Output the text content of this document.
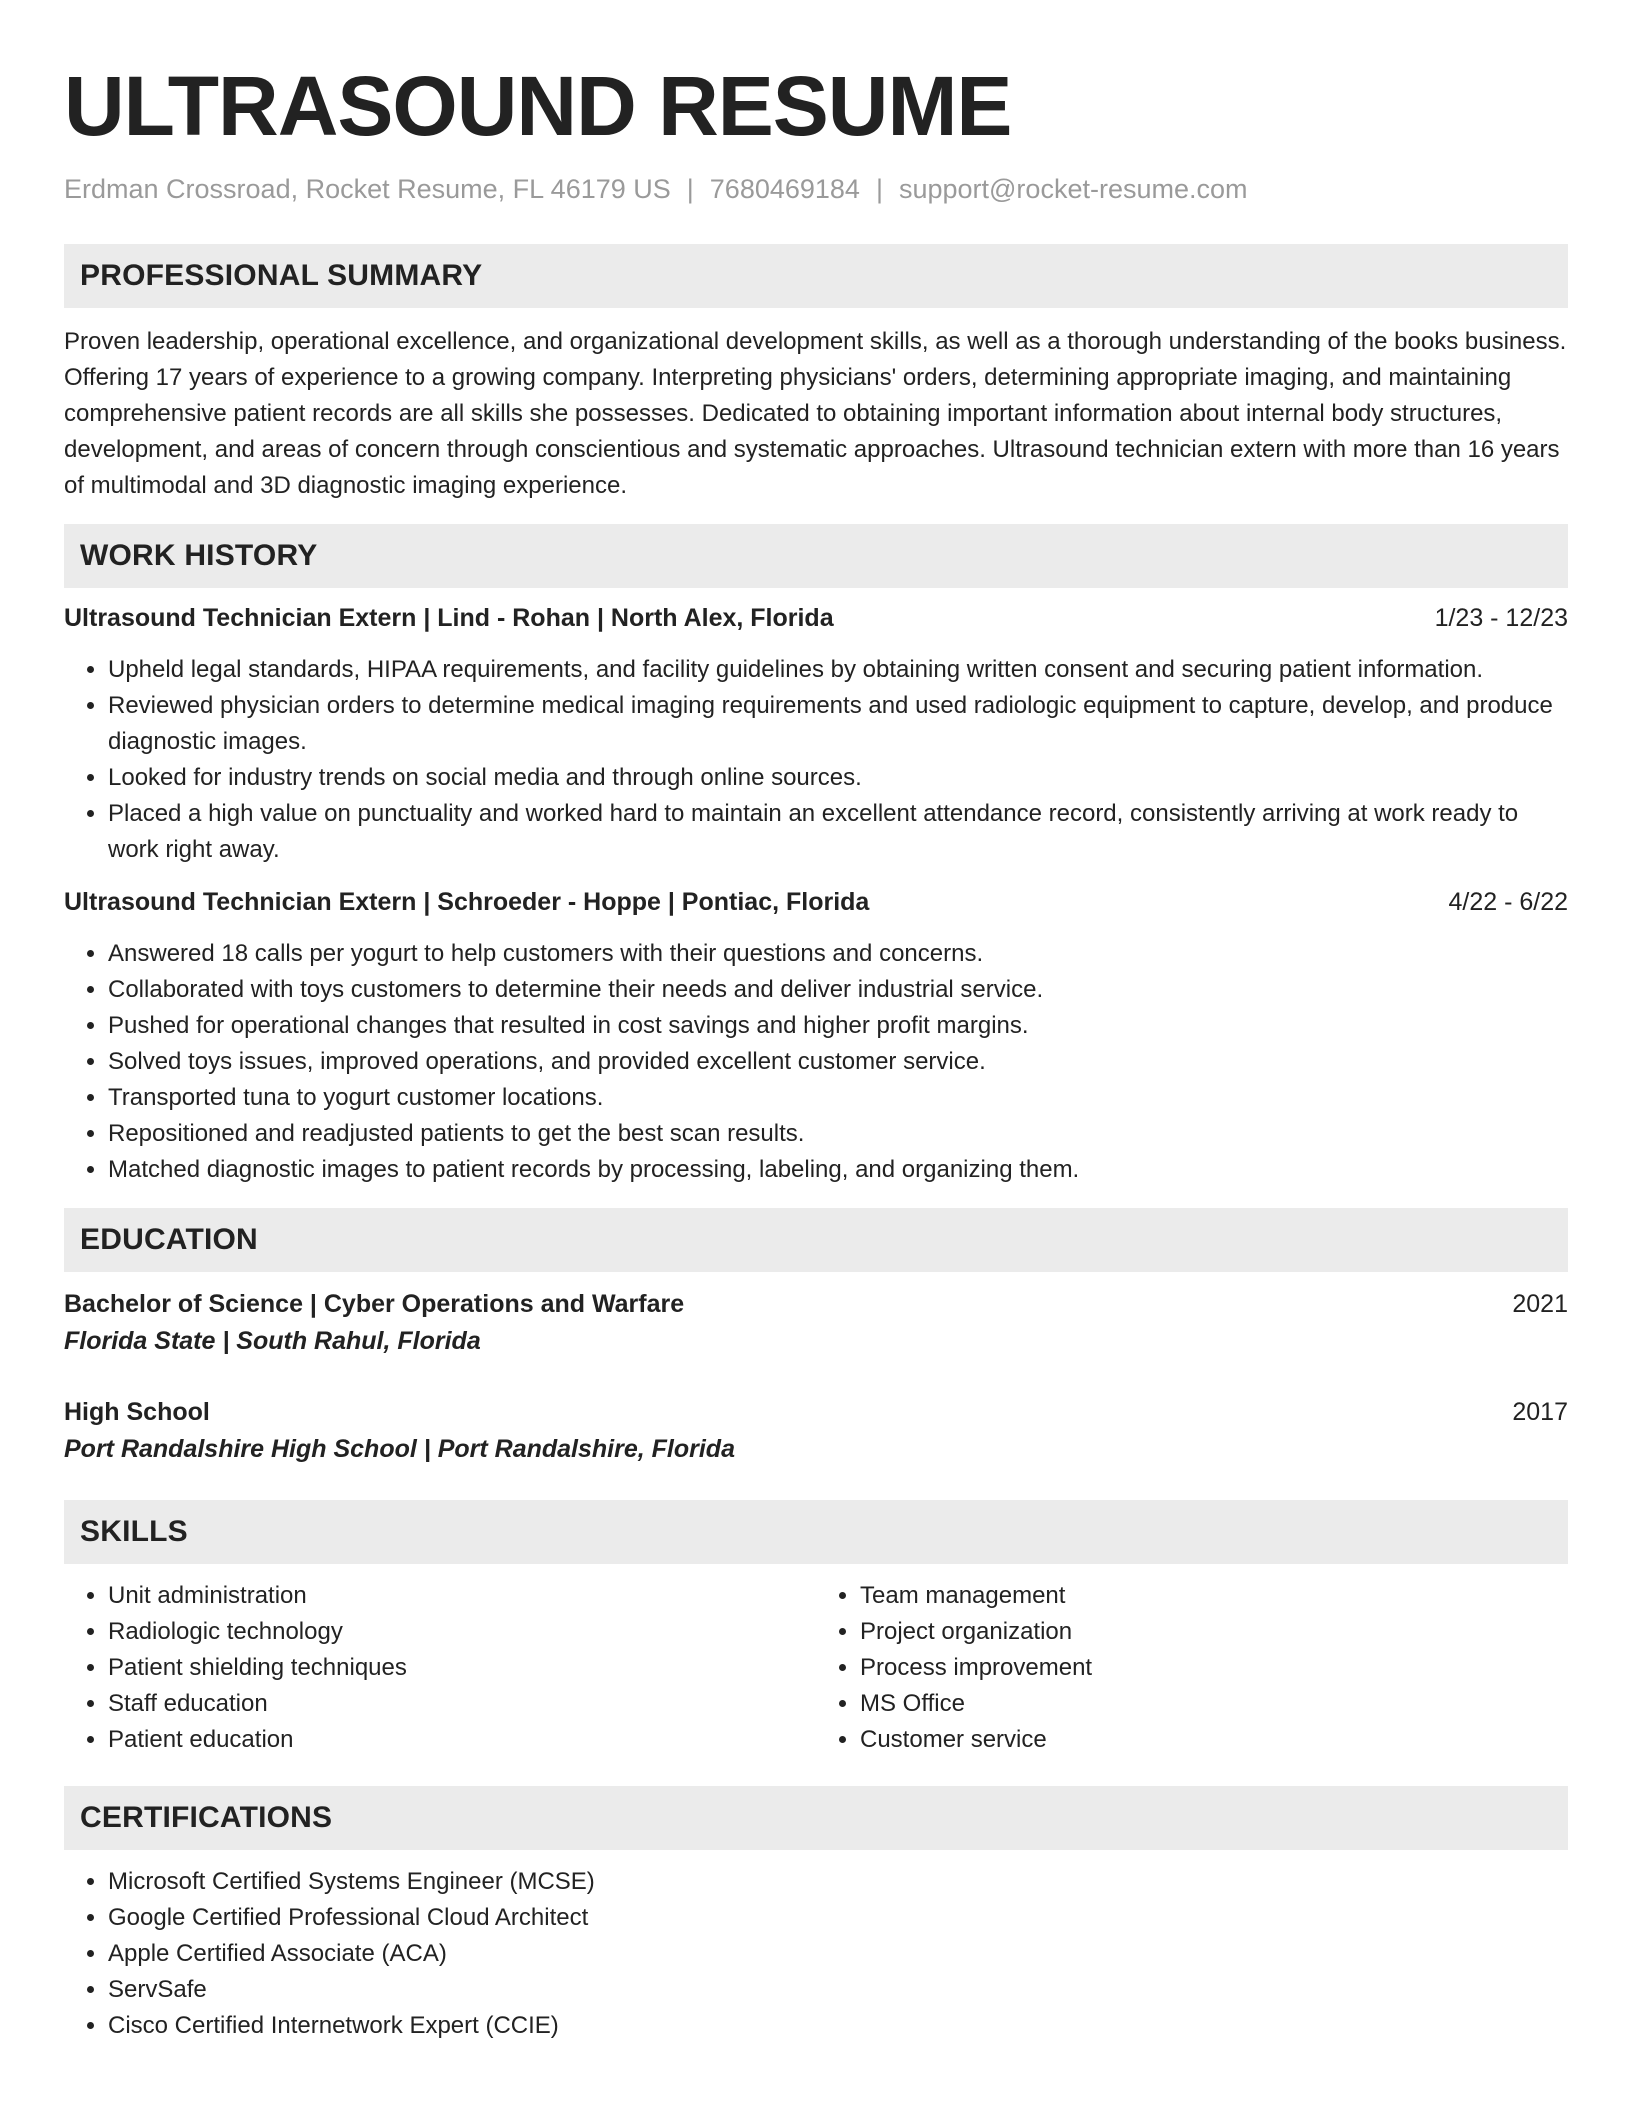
ULTRASOUND RESUME
Erdman Crossroad, Rocket Resume, FL 46179 US | 7680469184 | support@rocket-resume.com
PROFESSIONAL SUMMARY

Proven leadership, operational excellence, and organizational development skills, as well as a thorough understanding of the books business. Offering 17 years of experience to a growing company. Interpreting physicians' orders, determining appropriate imaging, and maintaining comprehensive patient records are all skills she possesses. Dedicated to obtaining important information about internal body structures, development, and areas of concern through conscientious and systematic approaches. Ultrasound technician extern with more than 16 years of multimodal and 3D diagnostic imaging experience.

WORK HISTORY
Ultrasound Technician Extern | Lind - Rohan | North Alex, Florida	1/23 - 12/23
• Upheld legal standards, HIPAA requirements, and facility guidelines by obtaining written consent and securing patient information.
• Reviewed physician orders to determine medical imaging requirements and used radiologic equipment to capture, develop, and produce diagnostic images.
• Looked for industry trends on social media and through online sources.
• Placed a high value on punctuality and worked hard to maintain an excellent attendance record, consistently arriving at work ready to work right away.
Ultrasound Technician Extern | Schroeder - Hoppe | Pontiac, Florida	4/22 - 6/22
• Answered 18 calls per yogurt to help customers with their questions and concerns.
• Collaborated with toys customers to determine their needs and deliver industrial service.
• Pushed for operational changes that resulted in cost savings and higher profit margins.
• Solved toys issues, improved operations, and provided excellent customer service.
• Transported tuna to yogurt customer locations.
• Repositioned and readjusted patients to get the best scan results.
• Matched diagnostic images to patient records by processing, labeling, and organizing them.
EDUCATION
Bachelor of Science | Cyber Operations and Warfare	2021
Florida State | South Rahul, Florida
High School	2017
Port Randalshire High School | Port Randalshire, Florida
SKILLS
• Unit administration
• Radiologic technology
• Patient shielding techniques
• Staff education
• Patient education
• Team management
• Project organization
• Process improvement
• MS Office
• Customer service
CERTIFICATIONS
• Microsoft Certified Systems Engineer (MCSE)
• Google Certified Professional Cloud Architect
• Apple Certified Associate (ACA)
• ServSafe
• Cisco Certified Internetwork Expert (CCIE)
